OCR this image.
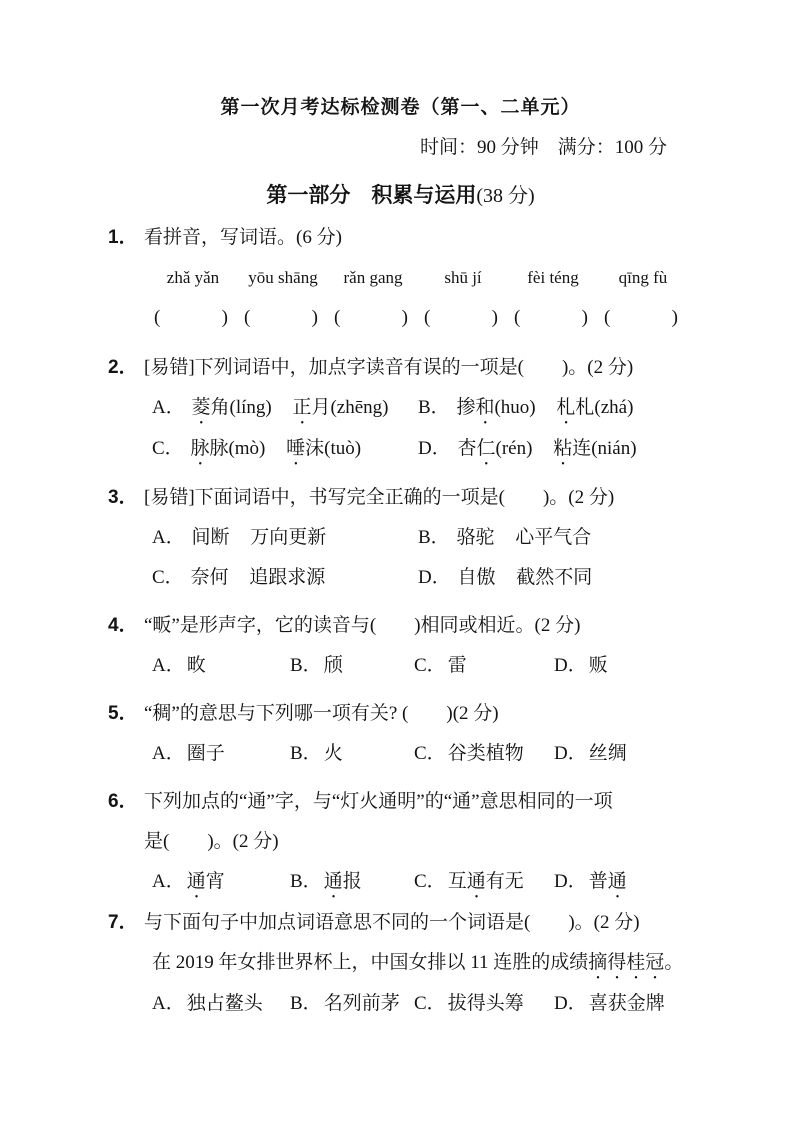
第一次月考达标检测卷（第一、二单元）
时间：90 分钟　满分：100 分
第一部分　积累与运用(38 分)
1． 看拼音，写词语。(6 分)
zhǎ yǎn	yōu shāng	rǎn gang	shū jí	fèi téng	qīng fù
(	) (	) (	) (	) (	) (	)
2． [易错]下列词语中，加点字读音有误的一项是(　　)。(2 分)
A． 菱角(líng) 正月(zhēng)	B． 掺和(huo) 札札(zhá)
C． 脉脉(mò) 唾沫(tuò)	D． 杏仁(rén) 粘连(nián)
3． [易错]下面词语中，书写完全正确的一项是(　　)。(2 分)
A． 间断 万向更新	B． 骆驼 心平气合
C． 奈何 追跟求源	D． 自傲 截然不同
4． “畈”是形声字，它的读音与(　　)相同或相近。(2 分)
A． 畋	B． 颀	C． 雷	D． 贩
5． “稠”的意思与下列哪一项有关? (　　)(2 分)
A． 圈子	B． 火	C． 谷类植物	D． 丝绸
6． 下列加点的“通”字，与“灯火通明”的“通”意思相同的一项
是(　　)。(2 分)
A． 通宵	B． 通报	C． 互通有无	D． 普通
7． 与下面句子中加点词语意思不同的一个词语是(　　)。(2 分)
在 2019 年女排世界杯上，中国女排以 11 连胜的成绩摘得桂冠。
A． 独占鳌头	B． 名列前茅 C． 拔得头筹	D． 喜获金牌
